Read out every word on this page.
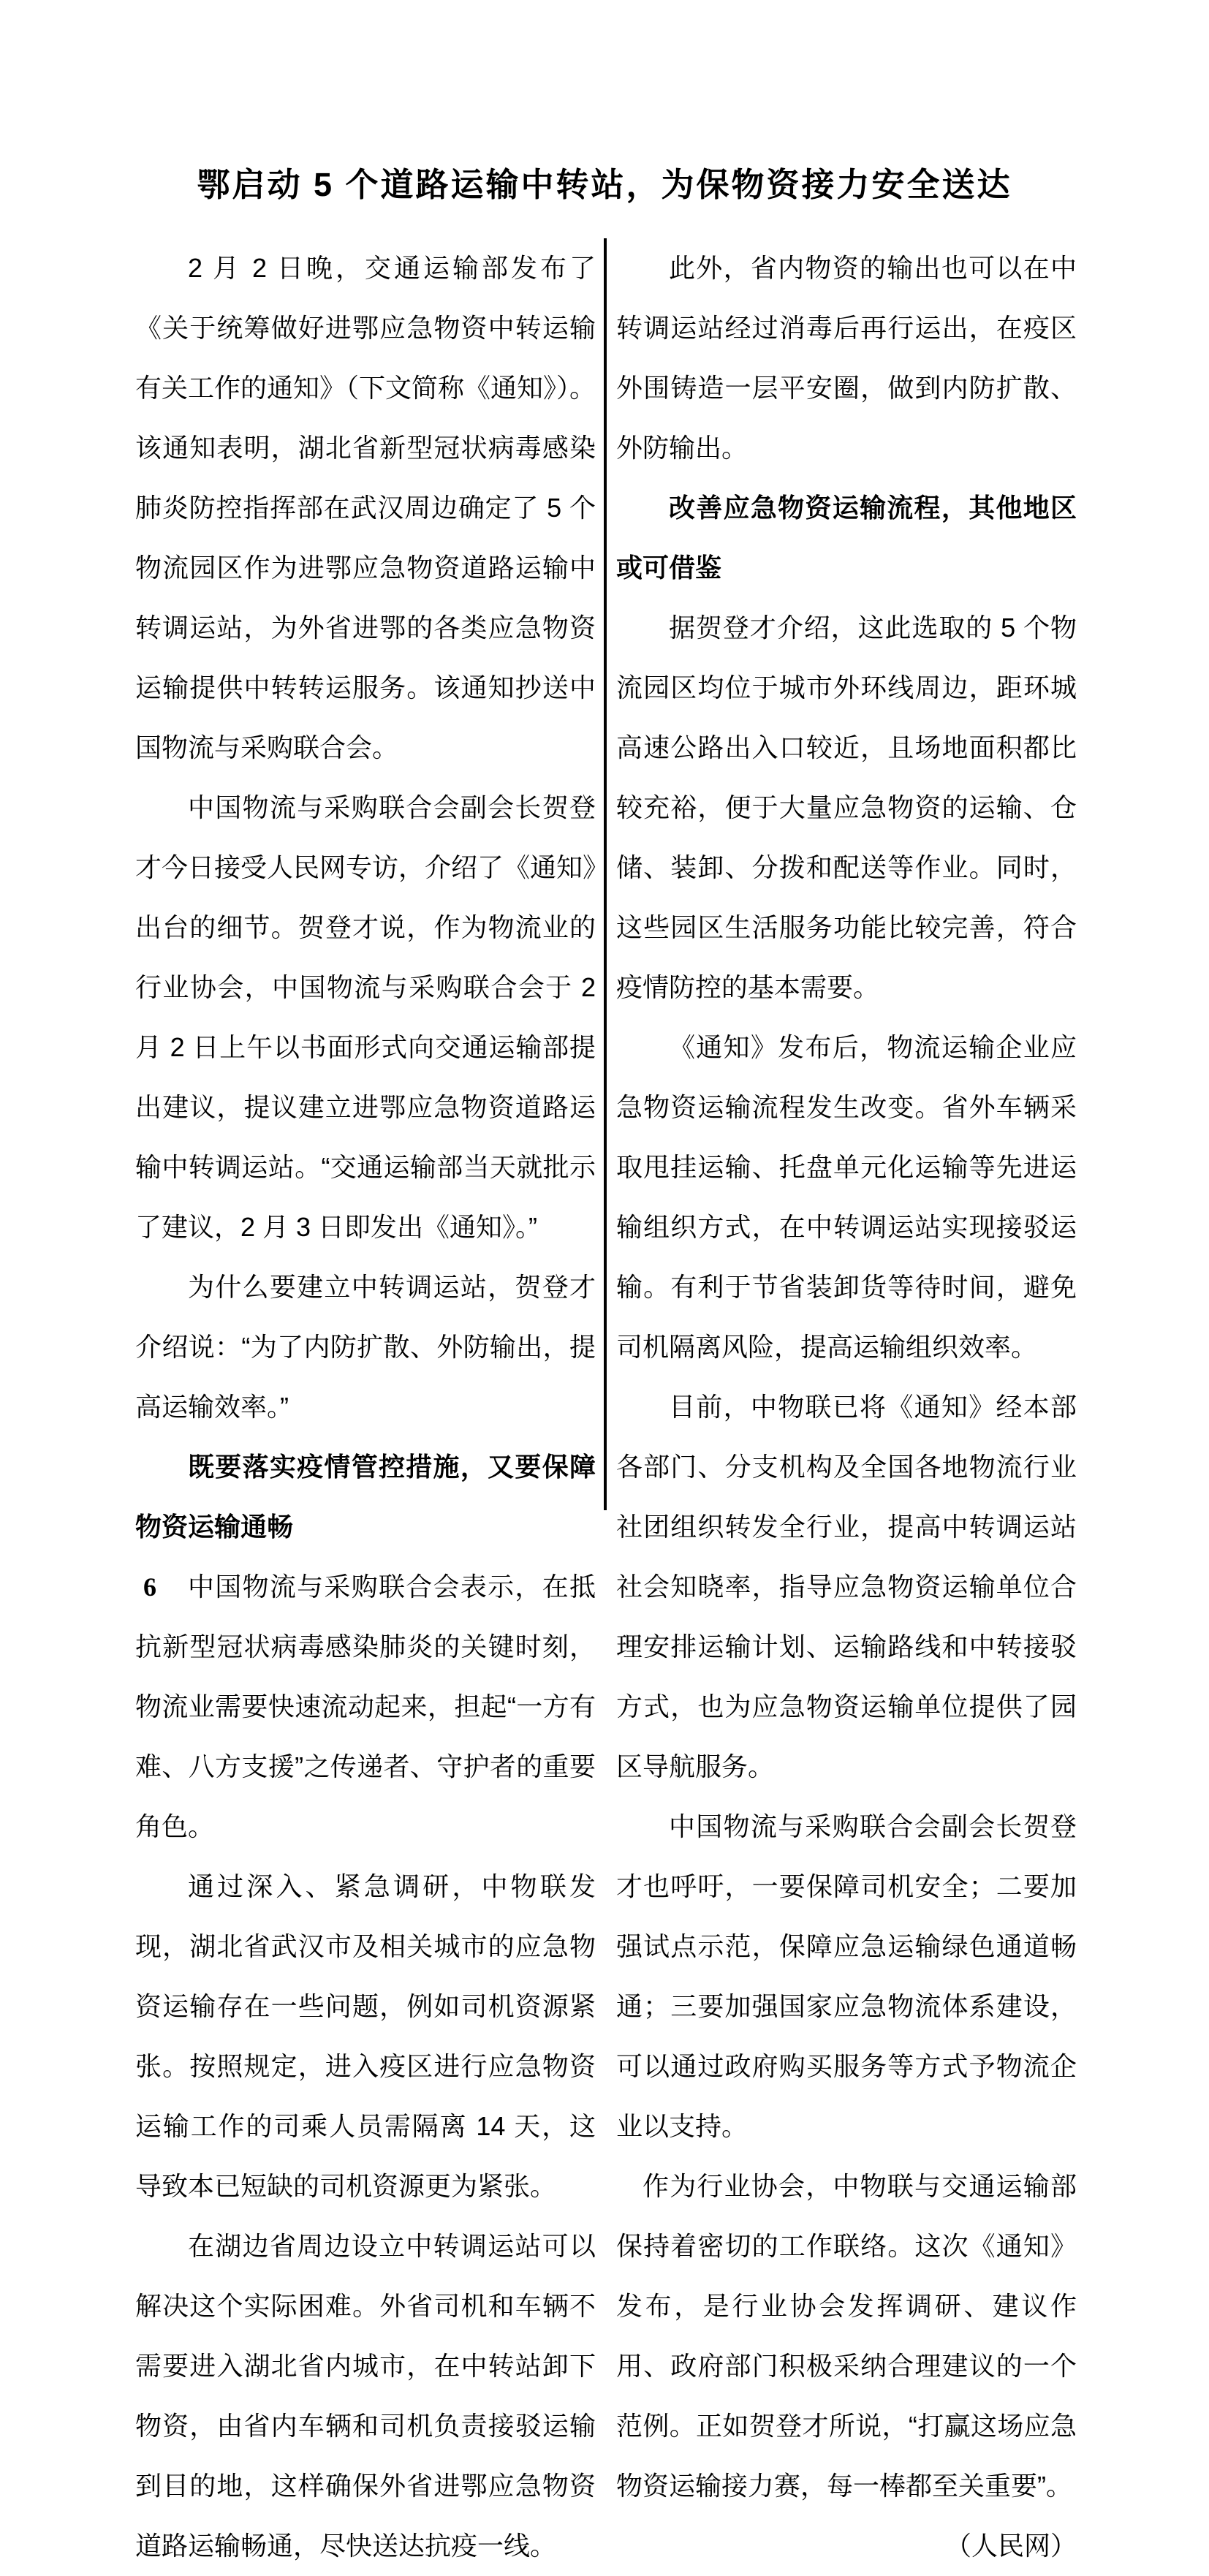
鄂启动 5 个道路运输中转站，为保物资接力安全送达

2 月 2 日晚，交通运输部发布了《关于统筹做好进鄂应急物资中转运输有关工作的通知》（下文简称《通知》）。该通知表明，湖北省新型冠状病毒感染肺炎防控指挥部在武汉周边确定了 5 个物流园区作为进鄂应急物资道路运输中转调运站，为外省进鄂的各类应急物资运输提供中转转运服务。该通知抄送中国物流与采购联合会。

中国物流与采购联合会副会长贺登才今日接受人民网专访，介绍了《通知》出台的细节。贺登才说，作为物流业的行业协会，中国物流与采购联合会于 2 月 2 日上午以书面形式向交通运输部提出建议，提议建立进鄂应急物资道路运输中转调运站。“交通运输部当天就批示了建议，2 月 3 日即发出《通知》。”

为什么要建立中转调运站，贺登才介绍说：“为了内防扩散、外防输出，提高运输效率。”

既要落实疫情管控措施，又要保障物资运输通畅

中国物流与采购联合会表示，在抵抗新型冠状病毒感染肺炎的关键时刻，物流业需要快速流动起来，担起“一方有难、八方支援”之传递者、守护者的重要角色。

通过深入、紧急调研，中物联发现，湖北省武汉市及相关城市的应急物资运输存在一些问题，例如司机资源紧张。按照规定，进入疫区进行应急物资运输工作的司乘人员需隔离 14 天，这导致本已短缺的司机资源更为紧张。

在湖边省周边设立中转调运站可以解决这个实际困难。外省司机和车辆不需要进入湖北省内城市，在中转站卸下物资，由省内车辆和司机负责接驳运输到目的地，这样确保外省进鄂应急物资道路运输畅通，尽快送达抗疫一线。

此外，省内物资的输出也可以在中转调运站经过消毒后再行运出，在疫区外围铸造一层平安圈，做到内防扩散、外防输出。

改善应急物资运输流程，其他地区或可借鉴

据贺登才介绍，这此选取的 5 个物流园区均位于城市外环线周边，距环城高速公路出入口较近，且场地面积都比较充裕，便于大量应急物资的运输、仓储、装卸、分拨和配送等作业。同时，这些园区生活服务功能比较完善，符合疫情防控的基本需要。

《通知》发布后，物流运输企业应急物资运输流程发生改变。省外车辆采取甩挂运输、托盘单元化运输等先进运输组织方式，在中转调运站实现接驳运输。有利于节省装卸货等待时间，避免司机隔离风险，提高运输组织效率。

目前，中物联已将《通知》经本部各部门、分支机构及全国各地物流行业社团组织转发全行业，提高中转调运站社会知晓率，指导应急物资运输单位合理安排运输计划、运输路线和中转接驳方式，也为应急物资运输单位提供了园区导航服务。

中国物流与采购联合会副会长贺登才也呼吁，一要保障司机安全；二要加强试点示范，保障应急运输绿色通道畅通；三要加强国家应急物流体系建设，可以通过政府购买服务等方式予物流企业以支持。

作为行业协会，中物联与交通运输部保持着密切的工作联络。这次《通知》发布，是行业协会发挥调研、建议作用、政府部门积极采纳合理建议的一个范例。正如贺登才所说，“打赢这场应急物资运输接力赛，每一棒都至关重要”。
（人民网）

6
